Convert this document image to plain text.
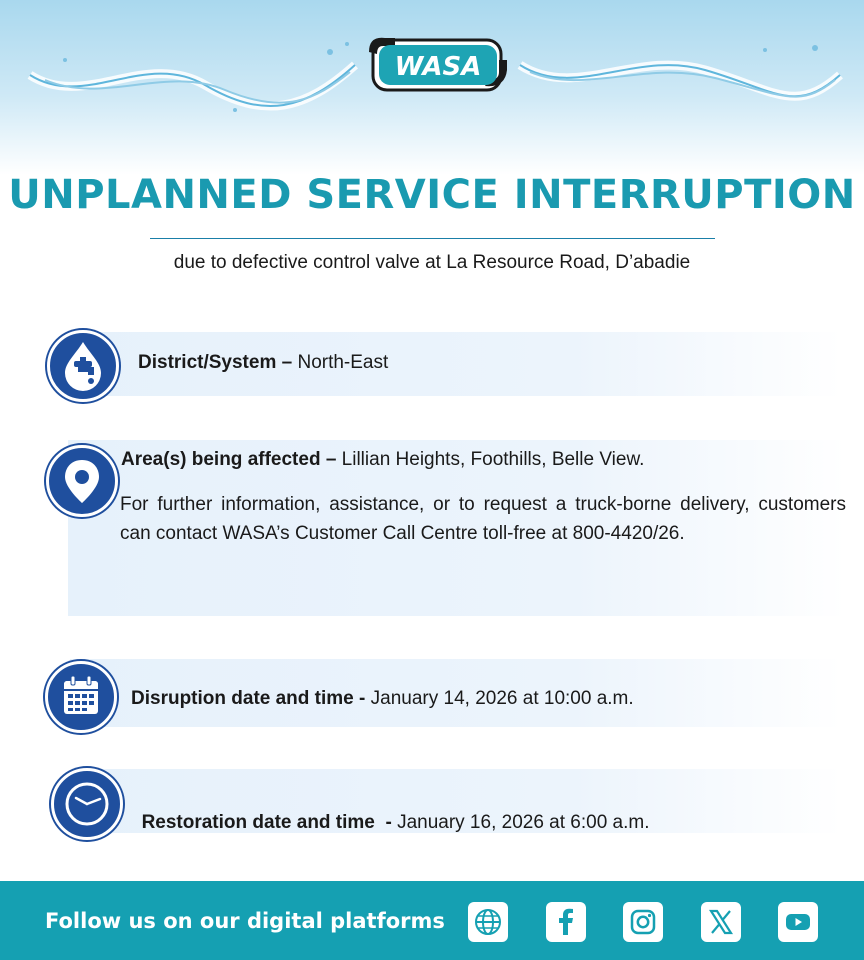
WASA
UNPLANNED SERVICE INTERRUPTION
due to defective control valve at La Resource Road, D’abadie
District/System – North-East
Area(s) being affected – Lillian Heights, Foothills, Belle View.
For further information, assistance, or to request a truck-borne delivery, customers can contact WASA’s Customer Call Centre toll-free at 800-4420/26.
Disruption date and time - January 14, 2026 at 10:00 a.m.

Restoration date and time  - January 16, 2026 at 6:00 a.m.

Follow us on our digital platforms
